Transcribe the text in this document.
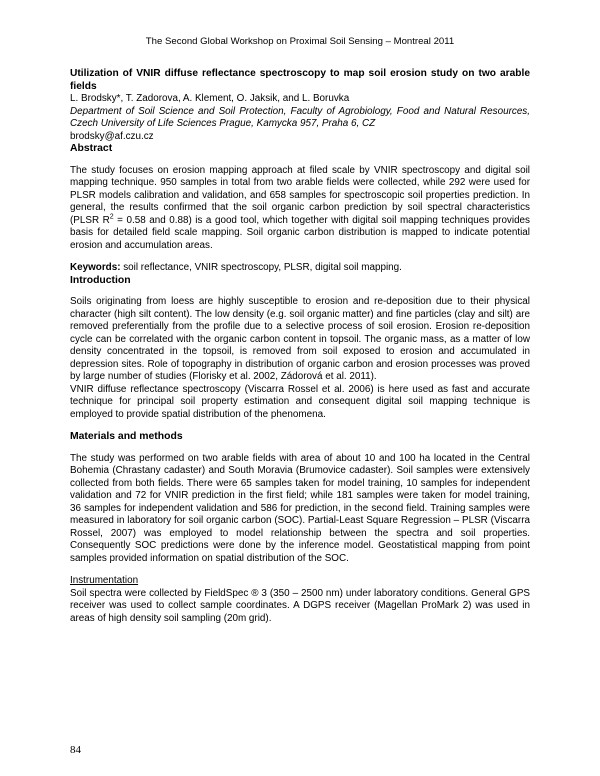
The Second Global Workshop on Proximal Soil Sensing – Montreal 2011

Utilization of VNIR diffuse reflectance spectroscopy to map soil erosion study on two arable fields

L. Brodsky*, T. Zadorova, A. Klement, O. Jaksik, and L. Boruvka

Department of Soil Science and Soil Protection, Faculty of Agrobiology, Food and Natural Resources, Czech University of Life Sciences Prague, Kamycka 957, Praha 6, CZ

brodsky@af.czu.cz

Abstract

The study focuses on erosion mapping approach at filed scale by VNIR spectroscopy and digital soil mapping technique. 950 samples in total from two arable fields were collected, while 292 were used for PLSR models calibration and validation, and 658 samples for spectroscopic soil properties prediction. In general, the results confirmed that the soil organic carbon prediction by soil spectral characteristics (PLSR $R^2 = 0.58$ and 0.88) is a good tool, which together with digital soil mapping techniques provides basis for detailed field scale mapping. Soil organic carbon distribution is mapped to indicate potential erosion and accumulation areas.

Keywords: soil reflectance, VNIR spectroscopy, PLSR, digital soil mapping.

Introduction

Soils originating from loess are highly susceptible to erosion and re-deposition due to their physical character (high silt content). The low density (e.g. soil organic matter) and fine particles (clay and silt) are removed preferentially from the profile due to a selective process of soil erosion. Erosion re-deposition cycle can be correlated with the organic carbon content in topsoil. The organic mass, as a matter of low density concentrated in the topsoil, is removed from soil exposed to erosion and accumulated in depression sites. Role of topography in distribution of organic carbon and erosion processes was proved by large number of studies (Florisky et al. 2002, Zádorová et al. 2011).

VNIR diffuse reflectance spectroscopy (Viscarra Rossel et al. 2006) is here used as fast and accurate technique for principal soil property estimation and consequent digital soil mapping technique is employed to provide spatial distribution of the phenomena.

Materials and methods

The study was performed on two arable fields with area of about 10 and 100 ha located in the Central Bohemia (Chrastany cadaster) and South Moravia (Brumovice cadaster). Soil samples were extensively collected from both fields. There were 65 samples taken for model training, 10 samples for independent validation and 72 for VNIR prediction in the first field; while 181 samples were taken for model training, 36 samples for independent validation and 586 for prediction, in the second field. Training samples were measured in laboratory for soil organic carbon (SOC). Partial-Least Square Regression – PLSR (Viscarra Rossel, 2007) was employed to model relationship between the spectra and soil properties. Consequently SOC predictions were done by the inference model. Geostatistical mapping from point samples provided information on spatial distribution of the SOC.

Instrumentation

Soil spectra were collected by FieldSpec ® 3 (350 – 2500 nm) under laboratory conditions. General GPS receiver was used to collect sample coordinates. A DGPS receiver (Magellan ProMark 2) was used in areas of high density soil sampling (20m grid).

84
